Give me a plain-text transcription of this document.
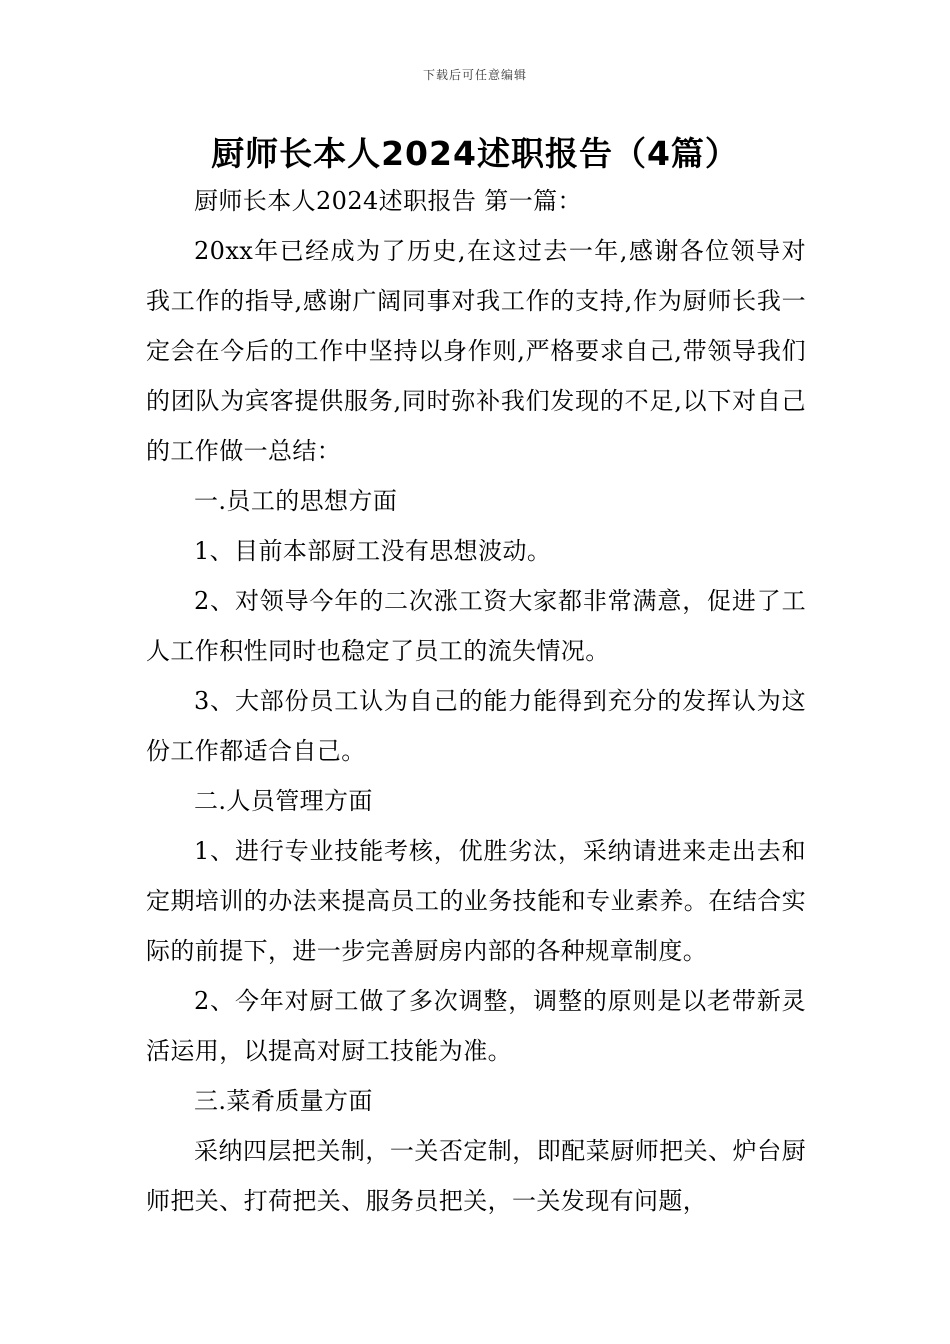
下载后可任意编辑
厨师长本人2024述职报告（4篇）

厨师长本人2024述职报告 第一篇：

20xx年已经成为了历史,在这过去一年,感谢各位领导对我工作的指导,感谢广阔同事对我工作的支持,作为厨师长我一定会在今后的工作中坚持以身作则,严格要求自己,带领导我们的团队为宾客提供服务,同时弥补我们发现的不足,以下对自己的工作做一总结：

一.员工的思想方面

1、目前本部厨工没有思想波动。

2、对领导今年的二次涨工资大家都非常满意，促进了工人工作积性同时也稳定了员工的流失情况。

3、大部份员工认为自己的能力能得到充分的发挥认为这份工作都适合自己。

二.人员管理方面

1、进行专业技能考核，优胜劣汰，采纳请进来走出去和定期培训的办法来提高员工的业务技能和专业素养。在结合实际的前提下，进一步完善厨房内部的各种规章制度。

2、今年对厨工做了多次调整，调整的原则是以老带新灵活运用，以提高对厨工技能为准。

三.菜肴质量方面

采纳四层把关制，一关否定制，即配菜厨师把关、炉台厨师把关、打荷把关、服务员把关，一关发现有问题，
